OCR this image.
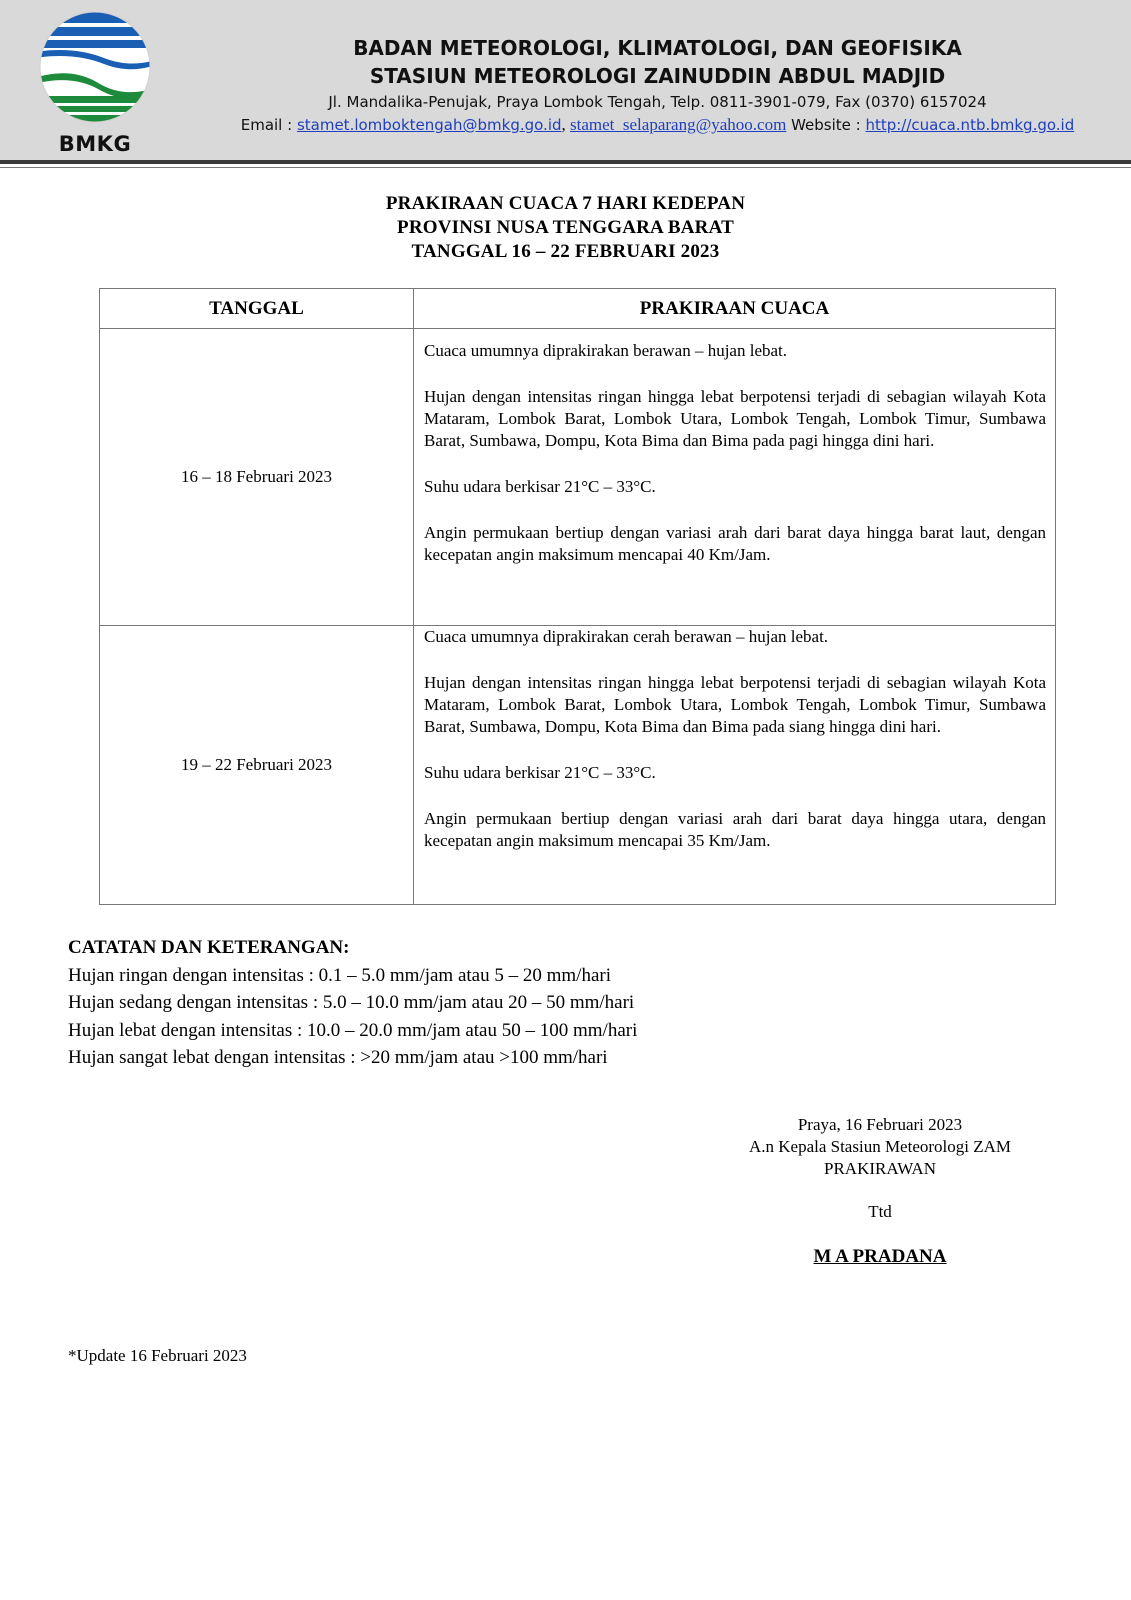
BMKG
BADAN METEOROLOGI, KLIMATOLOGI, DAN GEOFISIKA
STASIUN METEOROLOGI ZAINUDDIN ABDUL MADJID
Jl. Mandalika-Penujak, Praya Lombok Tengah, Telp. 0811-3901-079, Fax (0370) 6157024
Email : stamet.lomboktengah@bmkg.go.id, stamet_selaparang@yahoo.com Website : http://cuaca.ntb.bmkg.go.id
PRAKIRAAN CUACA 7 HARI KEDEPAN
PROVINSI NUSA TENGGARA BARAT
TANGGAL 16 – 22 FEBRUARI 2023
TANGGAL	PRAKIRAAN CUACA
16 – 18 Februari 2023	Cuaca umumnya diprakirakan berawan – hujan lebat.

Hujan dengan intensitas ringan hingga lebat berpotensi terjadi di sebagian wilayah Kota Mataram, Lombok Barat, Lombok Utara, Lombok Tengah, Lombok Timur, Sumbawa Barat, Sumbawa, Dompu, Kota Bima dan Bima pada pagi hingga dini hari.

Suhu udara berkisar 21°C – 33°C.

Angin permukaan bertiup dengan variasi arah dari barat daya hingga barat laut, dengan kecepatan angin maksimum mencapai 40 Km/Jam.

19 – 22 Februari 2023	Cuaca umumnya diprakirakan cerah berawan – hujan lebat.

Hujan dengan intensitas ringan hingga lebat berpotensi terjadi di sebagian wilayah Kota Mataram, Lombok Barat, Lombok Utara, Lombok Tengah, Lombok Timur, Sumbawa Barat, Sumbawa, Dompu, Kota Bima dan Bima pada siang hingga dini hari.

Suhu udara berkisar 21°C – 33°C.

Angin permukaan bertiup dengan variasi arah dari barat daya hingga utara, dengan kecepatan angin maksimum mencapai 35 Km/Jam.

CATATAN DAN KETERANGAN:
Hujan ringan dengan intensitas : 0.1 – 5.0 mm/jam atau 5 – 20 mm/hari
Hujan sedang dengan intensitas : 5.0 – 10.0 mm/jam atau 20 – 50 mm/hari
Hujan lebat dengan intensitas : 10.0 – 20.0 mm/jam atau 50 – 100 mm/hari
Hujan sangat lebat dengan intensitas : >20 mm/jam atau >100 mm/hari
Praya, 16 Februari 2023
A.n Kepala Stasiun Meteorologi ZAM
PRAKIRAWAN
Ttd
M A PRADANA
*Update 16 Februari 2023
